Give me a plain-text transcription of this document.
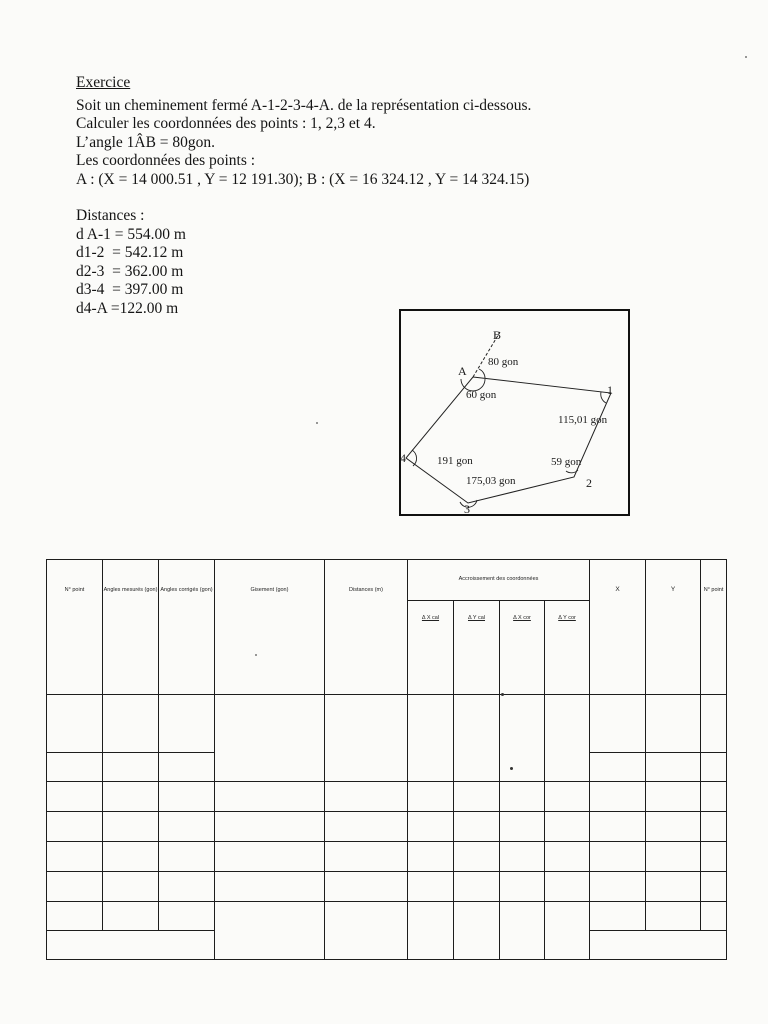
Exercice
Soit un cheminement fermé A-1-2-3-4-A. de la représentation ci-dessous.
Calculer les coordonnées des points : 1, 2,3 et 4.
L’angle 1ÂB = 80gon.
Les coordonnées des points :
A : (X = 14 000.51 , Y = 12 191.30); B : (X = 16 324.12 , Y = 14 324.15)
Distances :
d A-1 = 554.00 m
d1-2  = 542.12 m
d2-3  = 362.00 m
d3-4  = 397.00 m
d4-A =122.00 m
B
A
1
2
3
4
80 gon
60 gon
115,01 gon
59 gon
175,03 gon
191 gon
N° point	Angles mesurés (gon)	Angles corrigés (gon)	Gisement (gon)	Distances (m)	Accroissement des coordonnées				X	Y	N° point
					Δ X cal	Δ Y cal	Δ X cor	Δ Y cor			
